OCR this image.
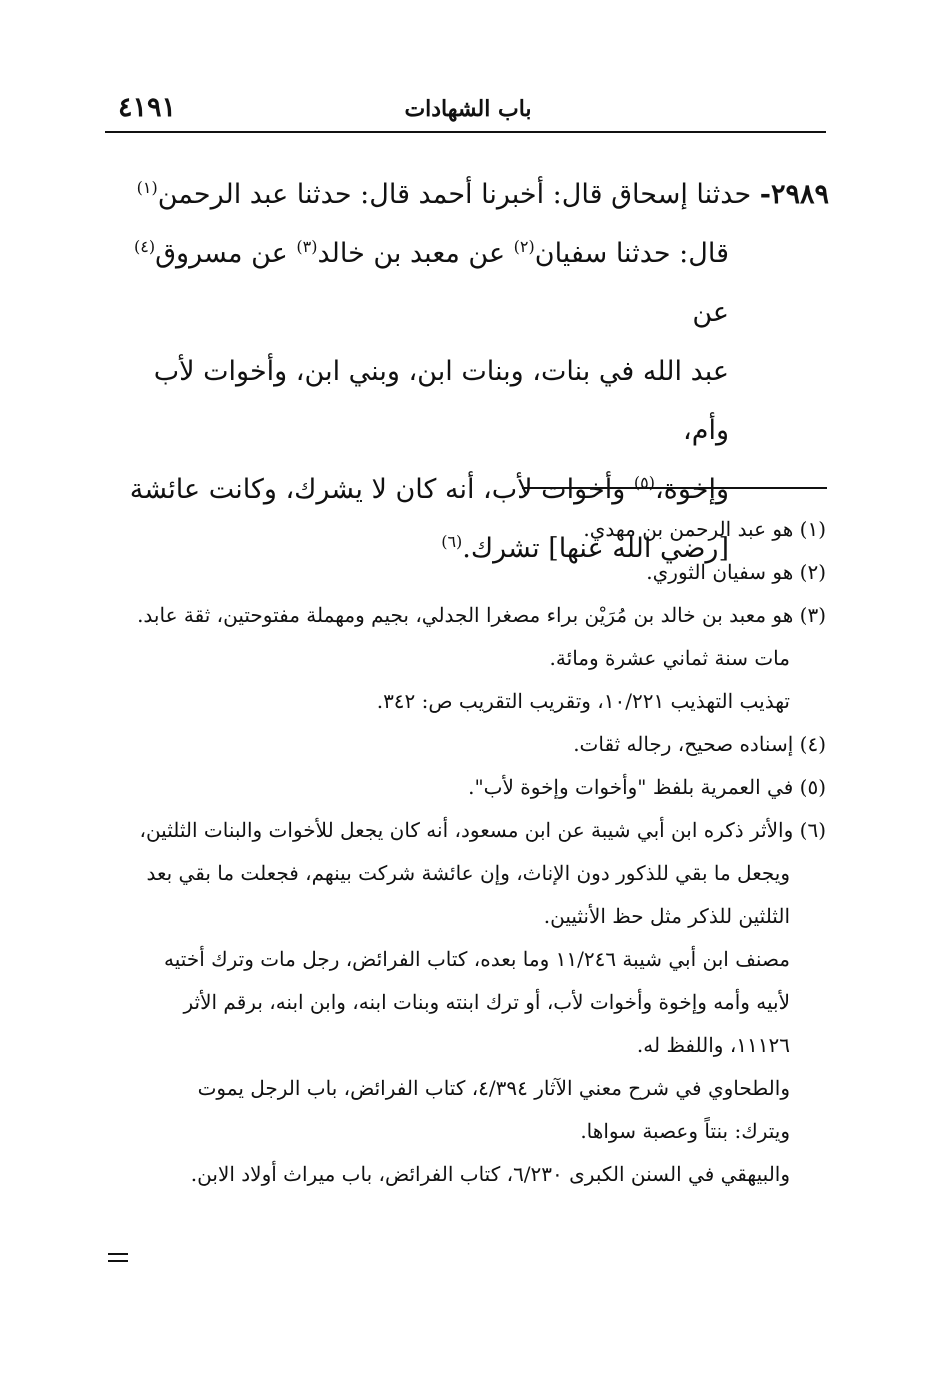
٤١٩١	باب الشهادات

٢٩٨٩- حدثنا إسحاق قال: أخبرنا أحمد قال: حدثنا عبد الرحمن$^{(١)}$
قال: حدثنا سفيان$^{(٢)}$ عن معبد بن خالد$^{(٣)}$ عن مسروق$^{(٤)}$ عن
عبد الله في بنات، وبنات ابن، وبني ابن، وأخوات لأب وأم،
وإخوة،$^{(٥)}$ وأخوات لأب، أنه كان لا يشرك، وكانت عائشة
[رضي الله عنها] تشرك.$^{(٦)}$

(١) هو عبد الرحمن بن مهدي.

(٢) هو سفيان الثوري.

(٣) هو معبد بن خالد بن مُرَيْن براء مصغرا الجدلي، بجيم ومهملة مفتوحتين، ثقة عابد.

مات سنة ثماني عشرة ومائة.

تهذيب التهذيب ١٠/٢٢١، وتقريب التقريب ص: ٣٤٢.

(٤) إسناده صحيح، رجاله ثقات.

(٥) في العمرية بلفظ "وأخوات وإخوة لأب".

(٦) والأثر ذكره ابن أبي شيبة عن ابن مسعود، أنه كان يجعل للأخوات والبنات الثلثين،

ويجعل ما بقي للذكور دون الإناث، وإن عائشة شركت بينهم، فجعلت ما بقي بعد

الثلثين للذكر مثل حظ الأنثيين.

مصنف ابن أبي شيبة ١١/٢٤٦ وما بعده، كتاب الفرائض، رجل مات وترك أختيه

لأبيه وأمه وإخوة وأخوات لأب، أو ترك ابنته وبنات ابنه، وابن ابنه، برقم الأثر

١١١٢٦، واللفظ له.

والطحاوي في شرح معني الآثار ٤/٣٩٤، كتاب الفرائض، باب الرجل يموت

ويترك: بنتاً وعصبة سواها.

والبيهقي في السنن الكبرى ٦/٢٣٠، كتاب الفرائض، باب ميراث أولاد الابن.
